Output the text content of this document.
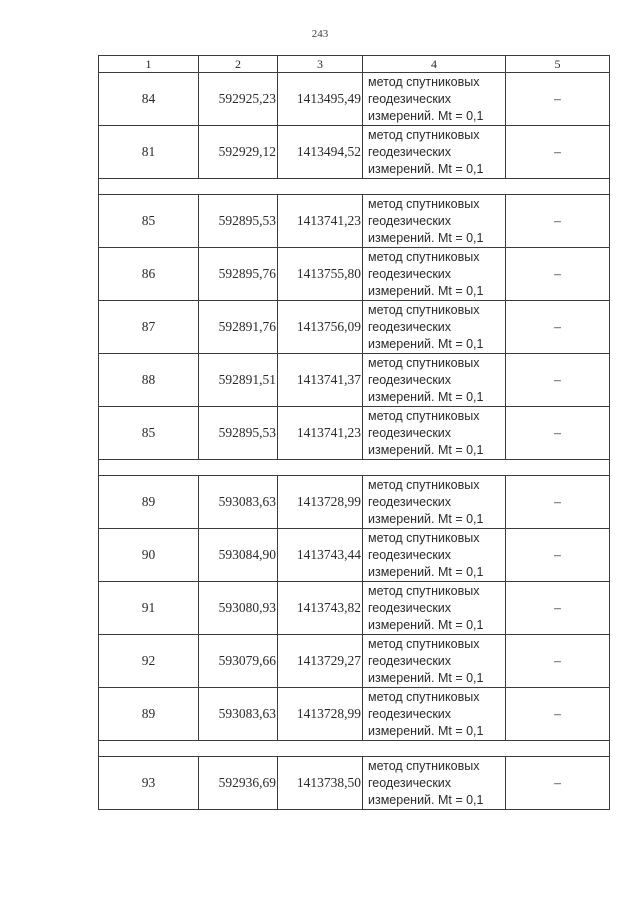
243
1	2	3	4	5
84	592925,23	1413495,49	метод спутниковых
геодезических
измерений. Mt = 0,1	–
81	592929,12	1413494,52	метод спутниковых
геодезических
измерений. Mt = 0,1	–

85	592895,53	1413741,23	метод спутниковых
геодезических
измерений. Mt = 0,1	–
86	592895,76	1413755,80	метод спутниковых
геодезических
измерений. Mt = 0,1	–
87	592891,76	1413756,09	метод спутниковых
геодезических
измерений. Mt = 0,1	–
88	592891,51	1413741,37	метод спутниковых
геодезических
измерений. Mt = 0,1	–
85	592895,53	1413741,23	метод спутниковых
геодезических
измерений. Mt = 0,1	–

89	593083,63	1413728,99	метод спутниковых
геодезических
измерений. Mt = 0,1	–
90	593084,90	1413743,44	метод спутниковых
геодезических
измерений. Mt = 0,1	–
91	593080,93	1413743,82	метод спутниковых
геодезических
измерений. Mt = 0,1	–
92	593079,66	1413729,27	метод спутниковых
геодезических
измерений. Mt = 0,1	–
89	593083,63	1413728,99	метод спутниковых
геодезических
измерений. Mt = 0,1	–

93	592936,69	1413738,50	метод спутниковых
геодезических
измерений. Mt = 0,1	–
